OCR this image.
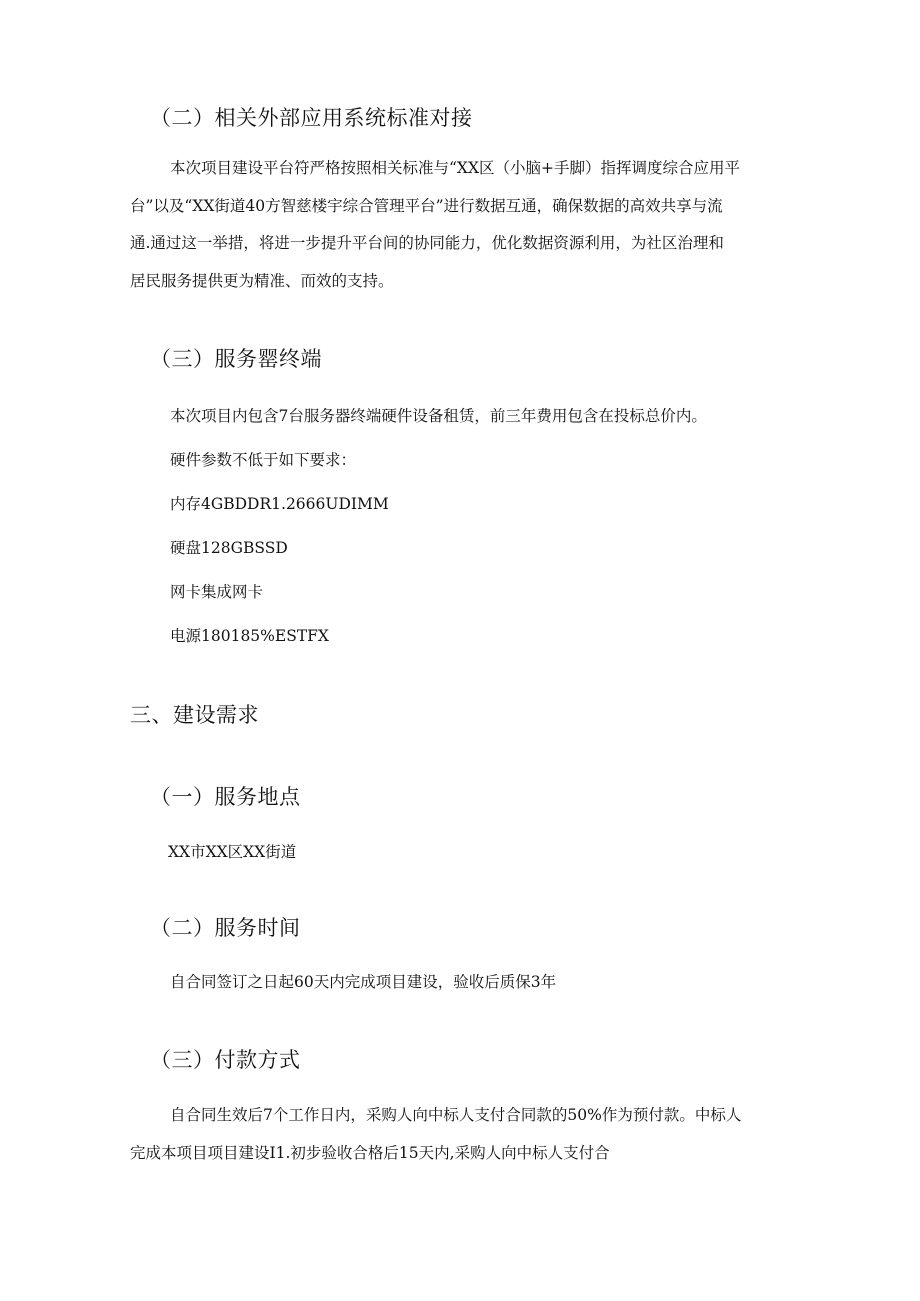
（二）相关外部应用系统标准对接
本次项目建设平台符严格按照相关标准与“XX区（小脑+手脚）指挥调度综合应用平
台”以及“XX街道40方智慈楼宇综合管理平台”进行数据互通，确保数据的高效共享与流
通.通过这一举措，将进一步提升平台间的协同能力，优化数据资源利用，为社区治理和
居民服务提供更为精准、而效的支持。
（三）服务罂终端
本次项目内包含7台服务器终端硬件设备租赁，前三年费用包含在投标总价内。
硬件参数不低于如下要求：
内存4GBDDR1.2666UDIMM
硬盘128GBSSD
网卡集成网卡
电源180185%ESTFX
三、建设需求
（一）服务地点
XX市XX区XX街道
（二）服务时间
自合同签订之日起60天内完成项目建设，验收后质保3年
（三）付款方式
自合同生效后7个工作日内，采购人向中标人支付合同款的50%作为预付款。中标人
完成本项目项目建设I1.初步验收合格后15天内,采购人向中标人支付合
